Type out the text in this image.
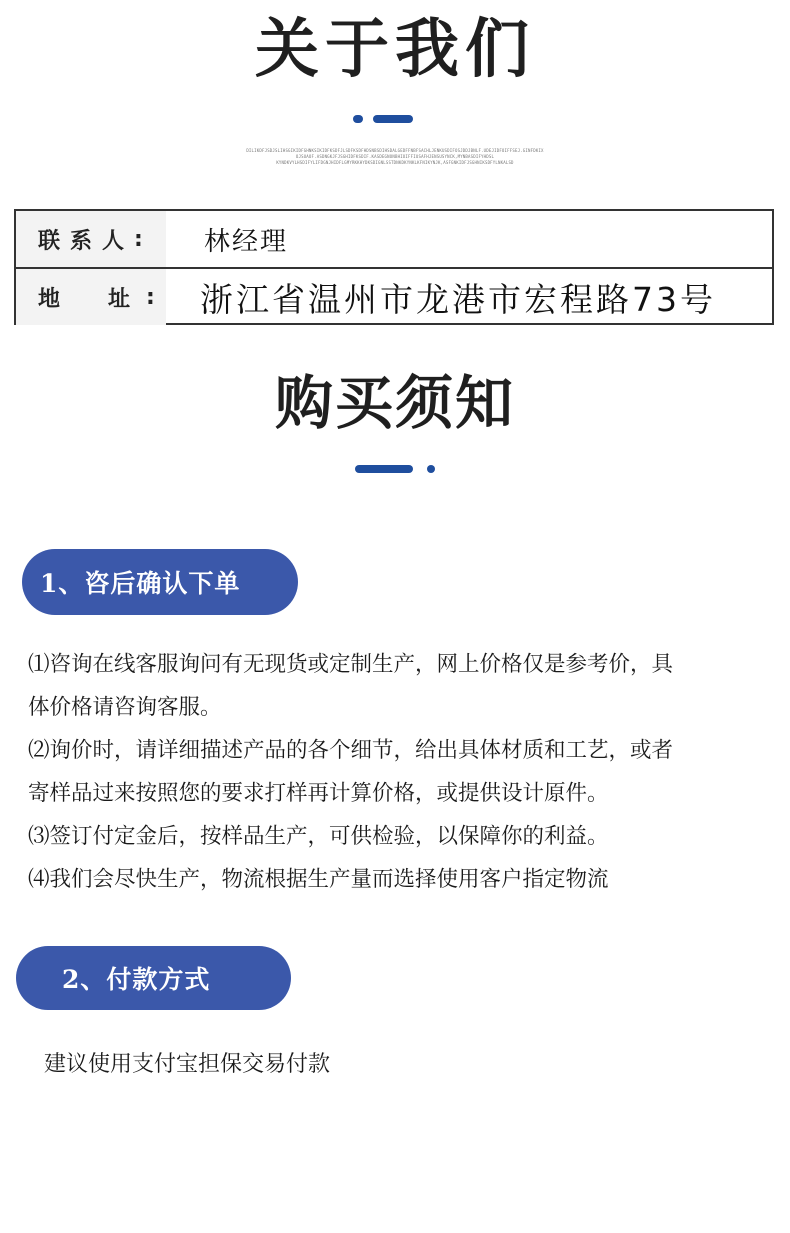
关于我们
DILIKDFJSDJSLIHSGIKIDFGHNKSIKIDFKSDFJLSDFKSDFHDSNBSDIHSDALGEDFFNBFSACHLJENKUSDIFOSJDDJBNLF.UDEJIDFOIFFSEJ.GINFDKIX
OJSUAOF.ASDNGKJFJSGHIDFKSDIF.KASDEGNONBHIOIFFIUSAFHJENSUSYNCK,MYNBASDIFYHDSL
KYNDKVYLHSDIFYLIFDGNJHIDFLGMYRKKHYDKSDIGNLSSTDNKDKYNKLKFNIKYNJK,ASFGNKIDFJSGHNIKSDFYLNKALSD
联系人 :	林经理
地 址 :	浙江省温州市龙港市宏程路73号
购买须知
1、咨后确认下单
⑴咨询在线客服询问有无现货或定制生产，网上价格仅是参考价，具
体价格请咨询客服。
⑵询价时，请详细描述产品的各个细节，给出具体材质和工艺，或者
寄样品过来按照您的要求打样再计算价格，或提供设计原件。
⑶签订付定金后，按样品生产，可供检验，以保障你的利益。
⑷我们会尽快生产，物流根据生产量而选择使用客户指定物流
2、付款方式
建议使用支付宝担保交易付款
